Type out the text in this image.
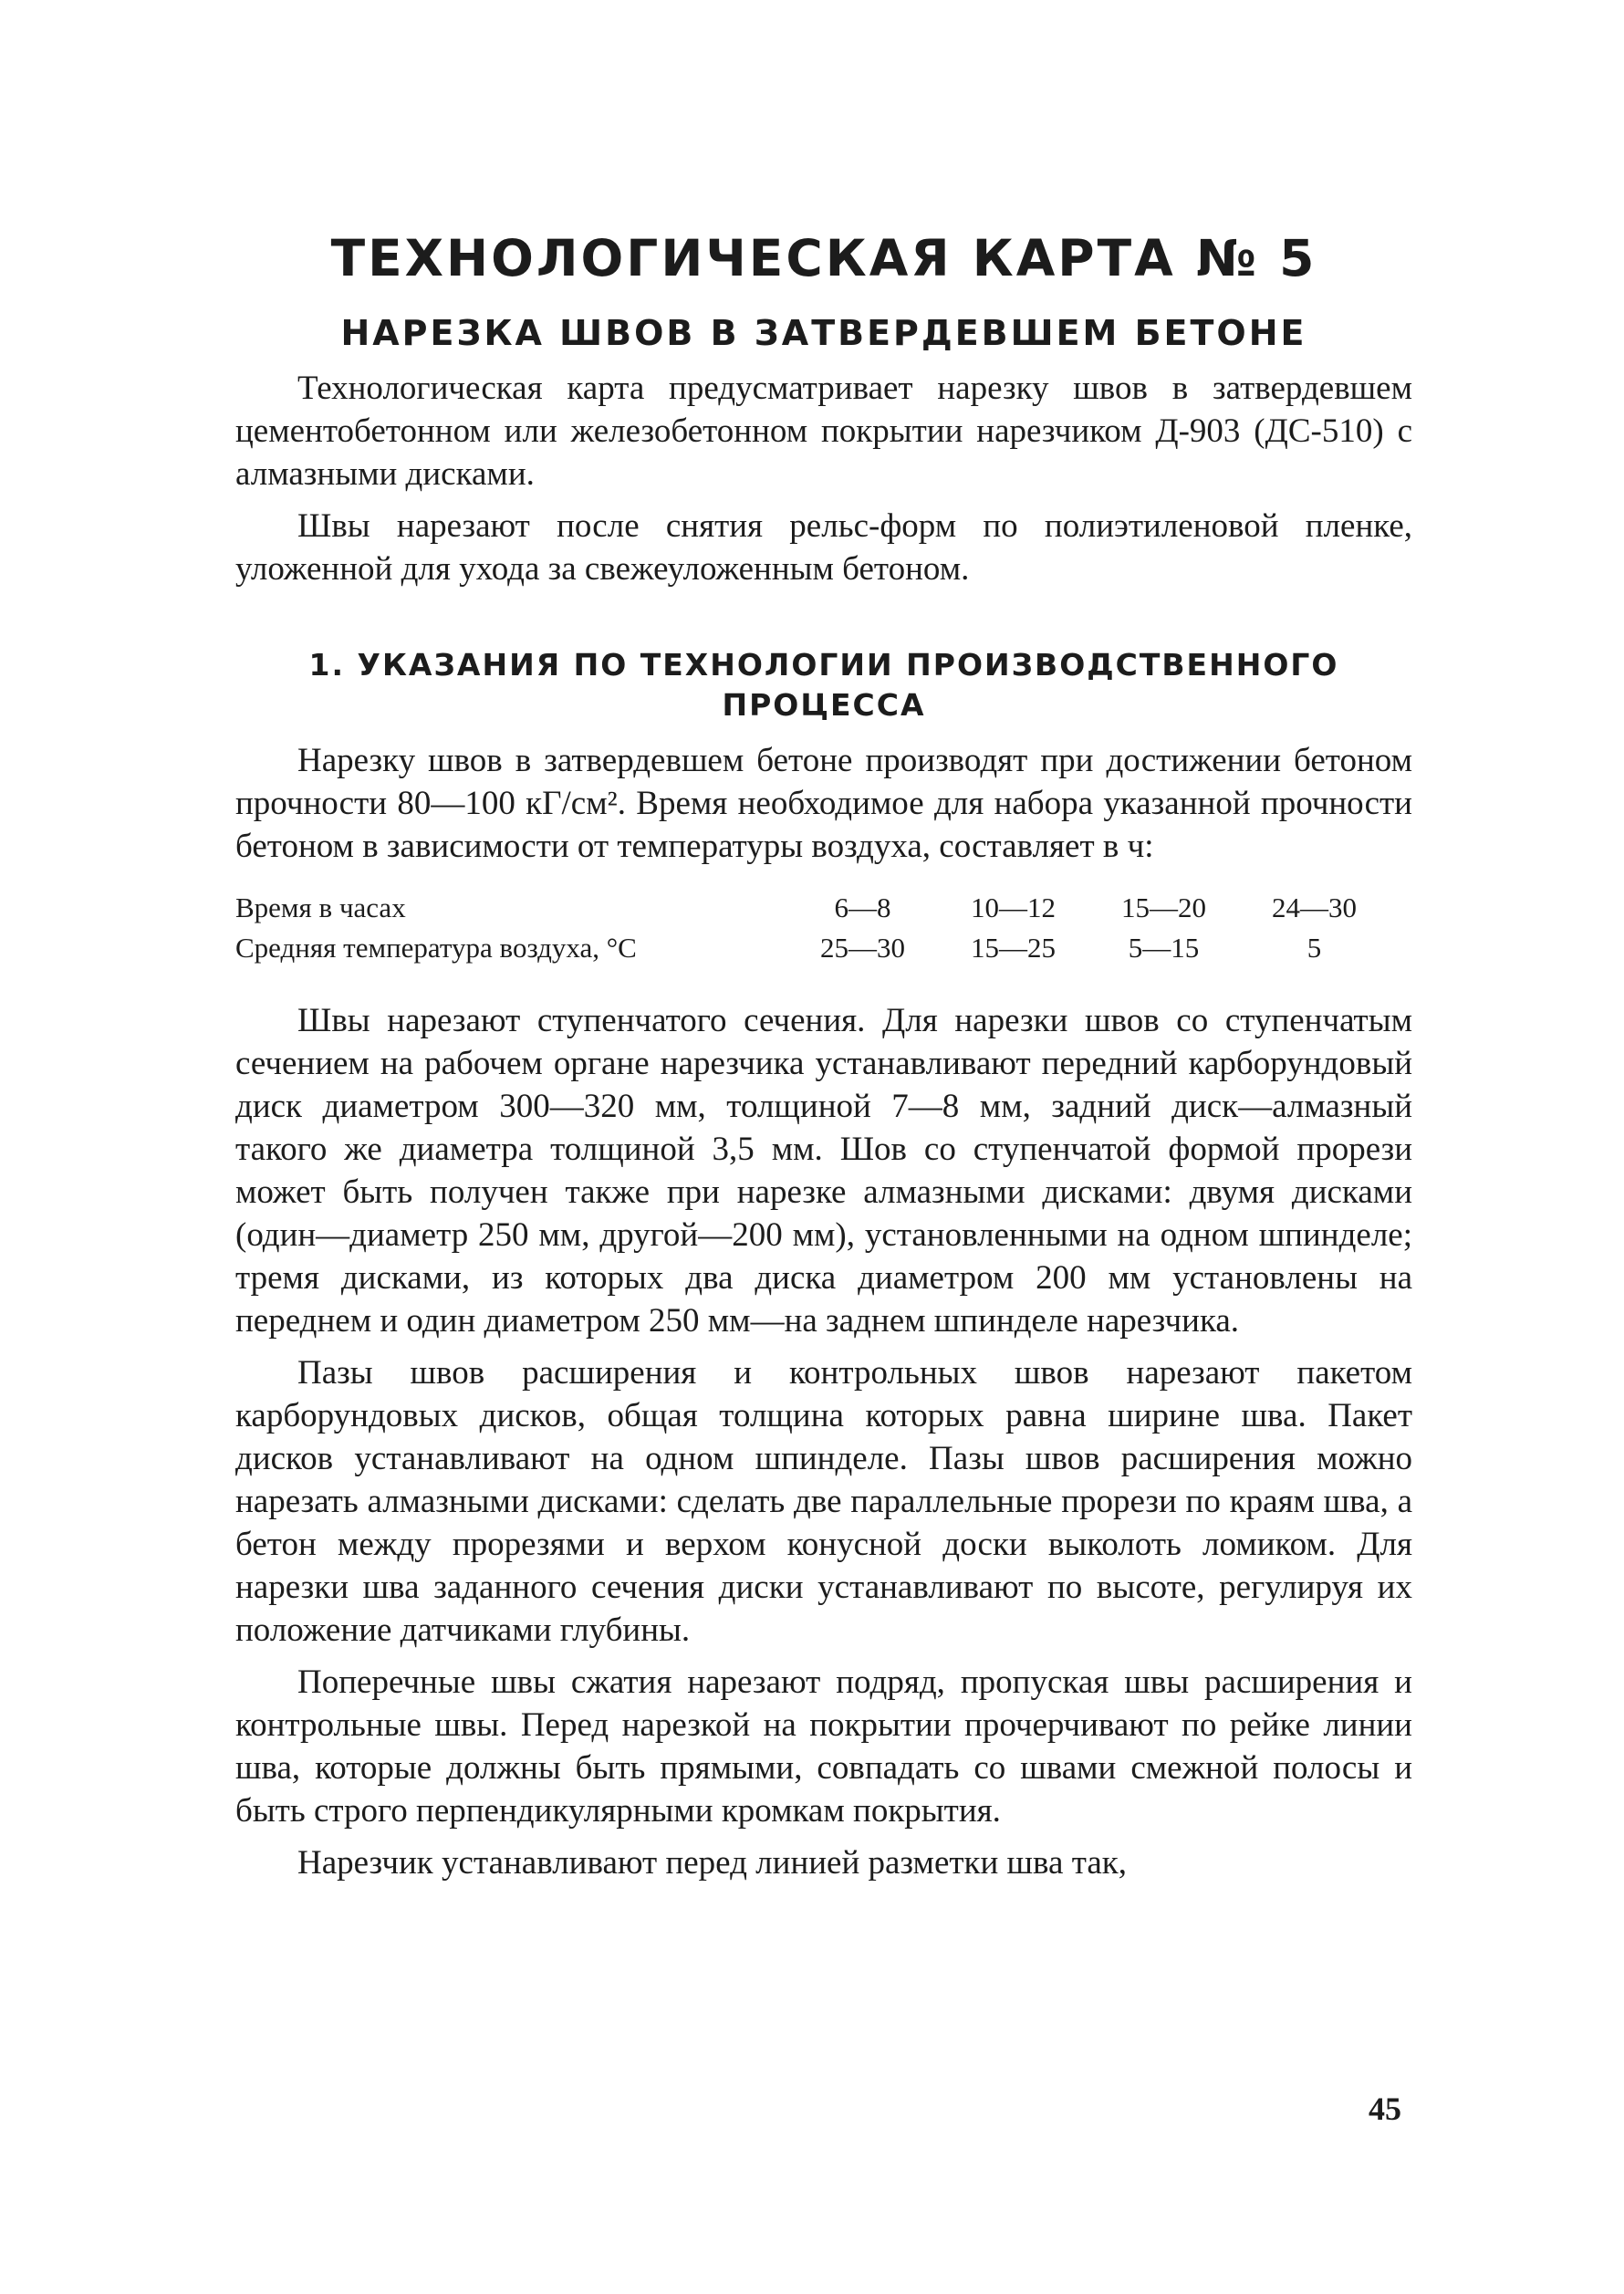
ТЕХНОЛОГИЧЕСКАЯ КАРТА № 5
НАРЕЗКА ШВОВ В ЗАТВЕРДЕВШЕМ БЕТОНЕ

Технологическая карта предусматривает нарезку швов в затвердевшем цементобетонном или железобетонном покрытии нарезчиком Д-903 (ДС-510) с алмазными дисками.

Швы нарезают после снятия рельс-форм по полиэтиленовой пленке, уложенной для ухода за свежеуложенным бетоном.

1. УКАЗАНИЯ ПО ТЕХНОЛОГИИ ПРОИЗВОДСТВЕННОГО
ПРОЦЕССА

Нарезку швов в затвердевшем бетоне производят при достижении бетоном прочности 80—100 кГ/см². Время необходимое для набора указанной прочности бетоном в зависимости от температуры воздуха, составляет в ч:

Время в часах	6—8	10—12	15—20	24—30
Средняя температура воздуха, °С	25—30	15—25	5—15	5

Швы нарезают ступенчатого сечения. Для нарезки швов со ступенчатым сечением на рабочем органе нарезчика устанавливают передний карборундовый диск диаметром 300—320 мм, толщиной 7—8 мм, задний диск—алмазный такого же диаметра толщиной 3,5 мм. Шов со ступенчатой формой прорези может быть получен также при нарезке алмазными дисками: двумя дисками (один—диаметр 250 мм, другой—200 мм), установленными на одном шпинделе; тремя дисками, из которых два диска диаметром 200 мм установлены на переднем и один диаметром 250 мм—на заднем шпинделе нарезчика.

Пазы швов расширения и контрольных швов нарезают пакетом карборундовых дисков, общая толщина которых равна ширине шва. Пакет дисков устанавливают на одном шпинделе. Пазы швов расширения можно нарезать алмазными дисками: сделать две параллельные прорези по краям шва, а бетон между прорезями и верхом конусной доски выколоть ломиком. Для нарезки шва заданного сечения диски устанавливают по высоте, регулируя их положение датчиками глубины.

Поперечные швы сжатия нарезают подряд, пропуская швы расширения и контрольные швы. Перед нарезкой на покрытии прочерчивают по рейке линии шва, которые должны быть прямыми, совпадать со швами смежной полосы и быть строго перпендикулярными кромкам покрытия.

Нарезчик устанавливают перед линией разметки шва так,

45
